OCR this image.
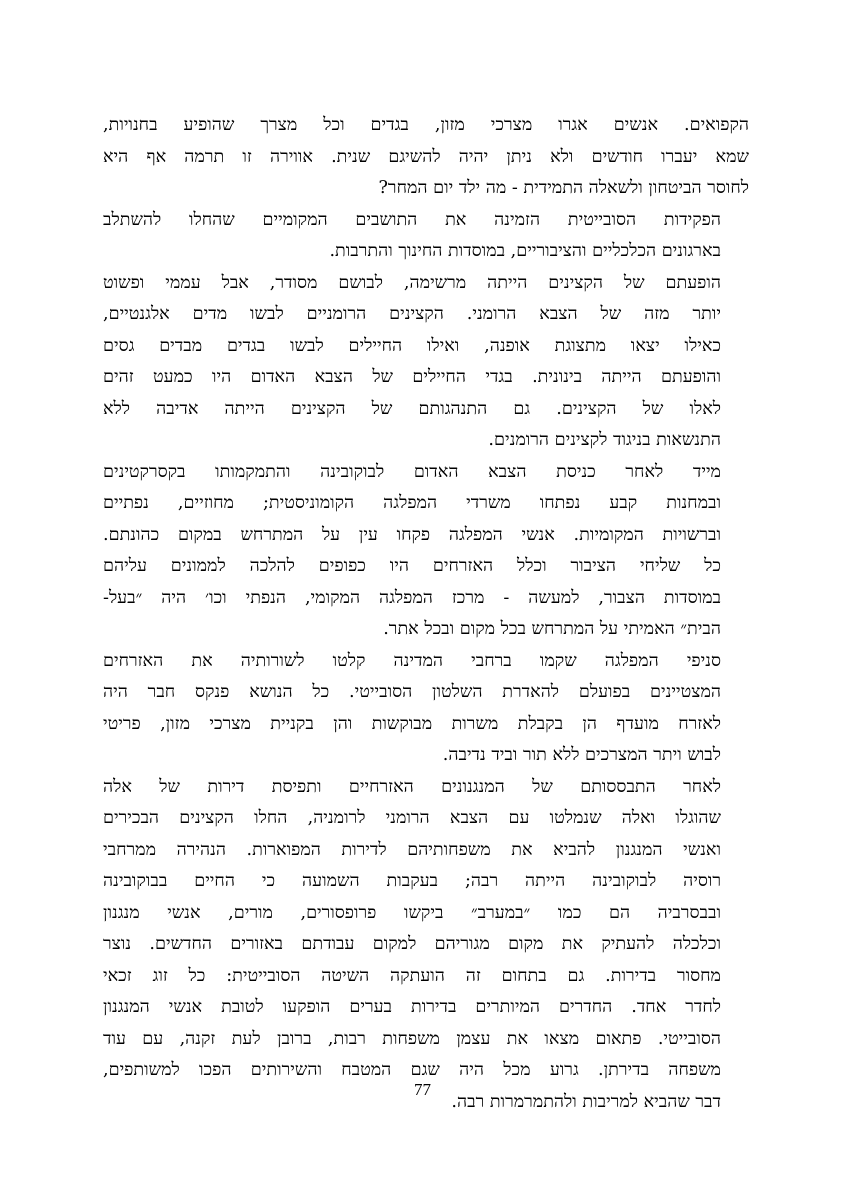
הקפואים. אנשים אגרו מצרכי מזון, בגדים וכל מצרך שהופיע בחנויות,
שמא יעברו חודשים ולא ניתן יהיה להשיגם שנית. אווירה זו תרמה אף היא
לחוסר הביטחון ולשאלה התמידית - מה ילד יום המחר?

הפקידות הסובייטית הזמינה את התושבים המקומיים שהחלו להשתלב
בארגונים הכלכליים והציבוריים, במוסדות החינוך והתרבות.

הופעתם של הקצינים הייתה מרשימה, לבושם מסודר, אבל עממי ופשוט
יותר מזה של הצבא הרומני. הקצינים הרומניים לבשו מדים אלגנטיים,
כאילו יצאו מתצוגת אופנה, ואילו החיילים לבשו בגדים מבדים גסים
והופעתם הייתה בינונית. בגדי החיילים של הצבא האדום היו כמעט זהים
לאלו של הקצינים. גם התנהגותם של הקצינים הייתה אדיבה ללא
התנשאות בניגוד לקצינים הרומנים.

מייד לאחר כניסת הצבא האדום לבוקובינה והתמקמותו בקסרקטינים
ובמחנות קבע נפתחו משרדי המפלגה הקומוניסטית; מחוזיים, נפתיים
וברשויות המקומיות. אנשי המפלגה פקחו עין על המתרחש במקום כהונתם.
כל שליחי הציבור וכלל האזרחים היו כפופים להלכה לממונים עליהם
במוסדות הצבור, למעשה - מרכז המפלגה המקומי, הנפתי וכו׳ היה ״בעל-
הבית״ האמיתי על המתרחש בכל מקום ובכל אתר.

סניפי המפלגה שקמו ברחבי המדינה קלטו לשורותיה את האזרחים
המצטיינים בפועלם להאדרת השלטון הסובייטי. כל הנושא פנקס חבר היה
לאזרח מועדף הן בקבלת משרות מבוקשות והן בקניית מצרכי מזון, פריטי
לבוש ויתר המצרכים ללא תור וביד נדיבה.

לאחר התבססותם של המנגנונים האזרחיים ותפיסת דירות של אלה
שהוגלו ואלה שנמלטו עם הצבא הרומני לרומניה, החלו הקצינים הבכירים
ואנשי המנגנון להביא את משפחותיהם לדירות המפוארות. הנהירה ממרחבי
רוסיה לבוקובינה הייתה רבה; בעקבות השמועה כי החיים בבוקובינה
ובבסרביה הם כמו ״במערב״ ביקשו פרופסורים, מורים, אנשי מנגנון
וכלכלה להעתיק את מקום מגוריהם למקום עבודתם באזורים החדשים. נוצר
מחסור בדירות. גם בתחום זה הועתקה השיטה הסובייטית: כל זוג זכאי
לחדר אחד. החדרים המיותרים בדירות בערים הופקעו לטובת אנשי המנגנון
הסובייטי. פתאום מצאו את עצמן משפחות רבות, ברובן לעת זקנה, עם עוד
משפחה בדירתן. גרוע מכל היה שגם המטבח והשירותים הפכו למשותפים,
דבר שהביא למריבות ולהתמרמרות רבה.

77
